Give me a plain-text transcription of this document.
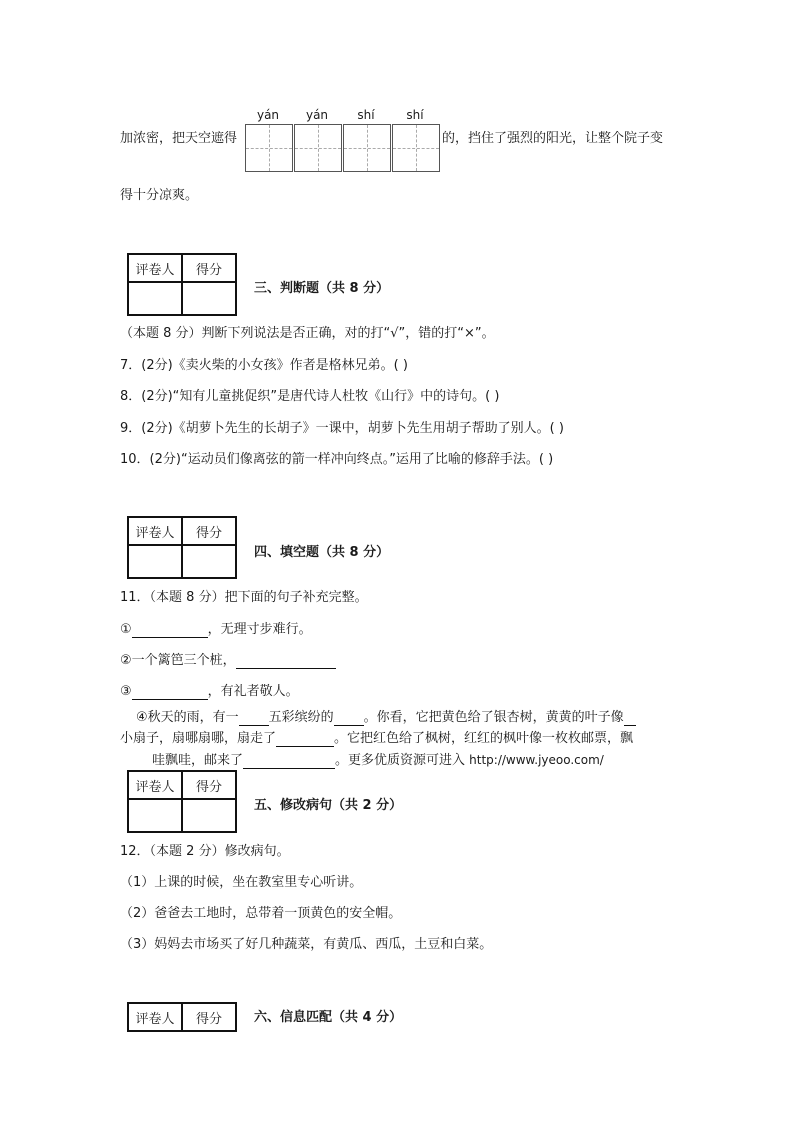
加浓密，把天空遮得
yán	yán	shí	shí
的，挡住了强烈的阳光，让整个院子变
得十分凉爽。
评卷人	得分

三、判断题（共 8 分）
（本题 8 分）判断下列说法是否正确，对的打“√”，错的打“×”。
7．(2分)《卖火柴的小女孩》作者是格林兄弟。( )
8．(2分)“知有儿童挑促织”是唐代诗人杜牧《山行》中的诗句。( )
9．(2分)《胡萝卜先生的长胡子》一课中，胡萝卜先生用胡子帮助了别人。( )
10．(2分)“运动员们像离弦的箭一样冲向终点。”运用了比喻的修辞手法。( )
评卷人	得分

四、填空题（共 8 分）
11．（本题 8 分）把下面的句子补充完整。
①	，无理寸步难行。
②一个篱笆三个桩，
③	，有礼者敬人。
④秋天的雨，有一 五彩缤纷的 。你看，它把黄色给了银杏树，黄黄的叶子像
小扇子，扇哪扇哪，扇走了	。它把红色给了枫树，红红的枫叶像一枚枚邮票，飘
哇飘哇，邮来了	。更多优质资源可进入 http://www.jyeoo.com/
评卷人	得分

五、修改病句（共 2 分）
12．（本题 2 分）修改病句。
（1）上课的时候，坐在教室里专心听讲。
（2）爸爸去工地时，总带着一顶黄色的安全帽。
（3）妈妈去市场买了好几种蔬菜，有黄瓜、西瓜，土豆和白菜。
评卷人	得分 六、信息匹配（共 4 分）
